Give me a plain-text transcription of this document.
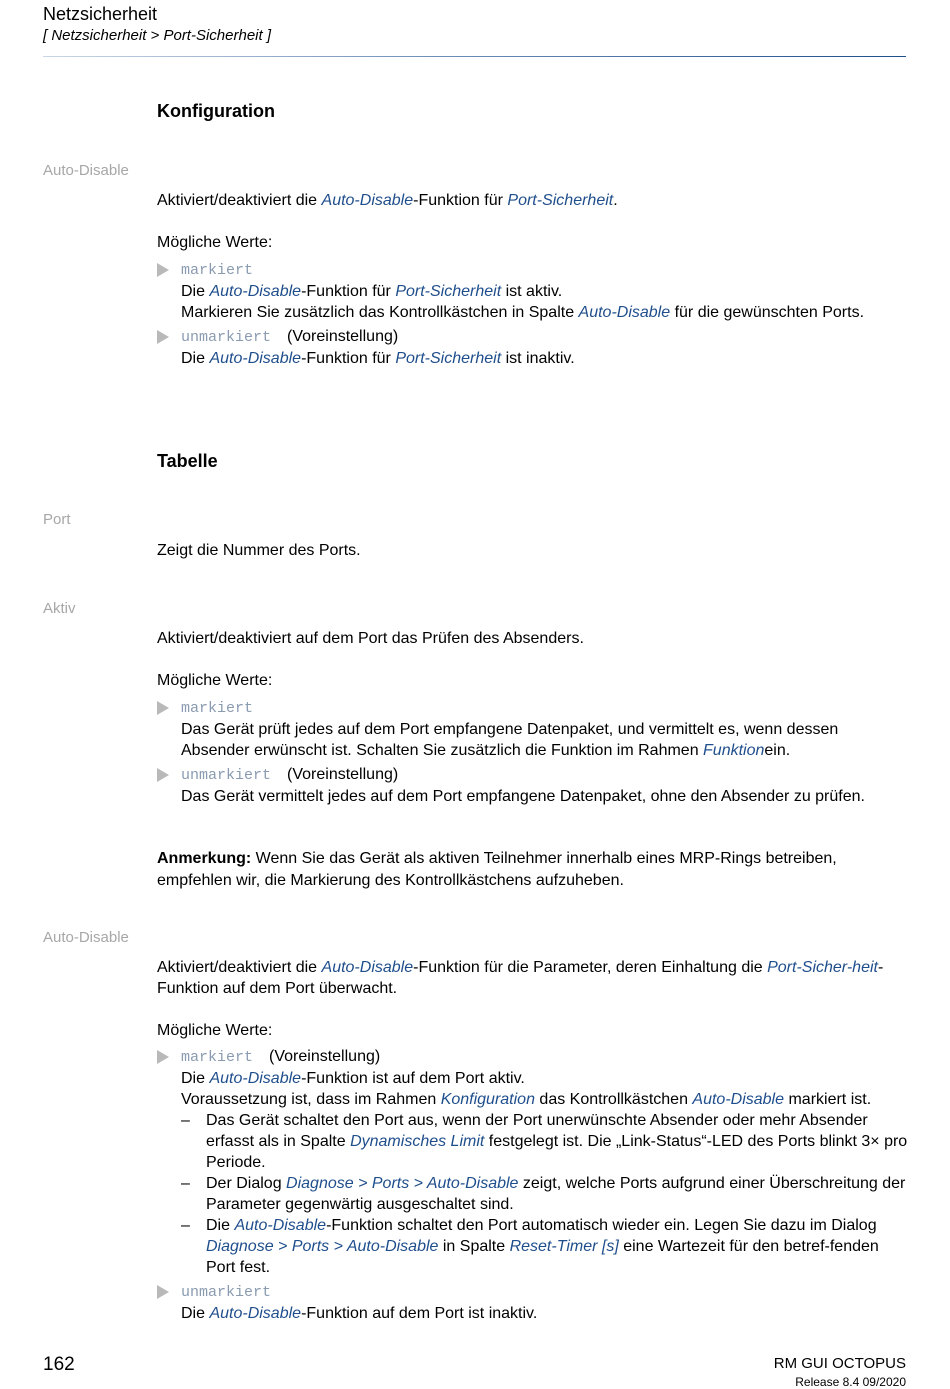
Netzsicherheit
[ Netzsicherheit > Port-Sicherheit ]
Konfiguration
Auto-Disable
Aktiviert/deaktiviert die Auto-Disable-Funktion für Port-Sicherheit.
Mögliche Werte:
markiert
Die Auto-Disable-Funktion für Port-Sicherheit ist aktiv.
Markieren Sie zusätzlich das Kontrollkästchen in Spalte Auto-Disable für die gewünschten Ports.
unmarkiert (Voreinstellung)
Die Auto-Disable-Funktion für Port-Sicherheit ist inaktiv.
Tabelle
Port
Zeigt die Nummer des Ports.
Aktiv
Aktiviert/deaktiviert auf dem Port das Prüfen des Absenders.
Mögliche Werte:
markiert
Das Gerät prüft jedes auf dem Port empfangene Datenpaket, und vermittelt es, wenn dessen Absender erwünscht ist. Schalten Sie zusätzlich die Funktion im Rahmen Funktionein.
unmarkiert (Voreinstellung)
Das Gerät vermittelt jedes auf dem Port empfangene Datenpaket, ohne den Absender zu prüfen.
Anmerkung: Wenn Sie das Gerät als aktiven Teilnehmer innerhalb eines MRP-Rings betreiben, empfehlen wir, die Markierung des Kontrollkästchens aufzuheben.
Auto-Disable
Aktiviert/deaktiviert die Auto-Disable-Funktion für die Parameter, deren Einhaltung die Port-Sicher-heit-Funktion auf dem Port überwacht.
Mögliche Werte:
markiert (Voreinstellung)
Die Auto-Disable-Funktion ist auf dem Port aktiv.
Voraussetzung ist, dass im Rahmen Konfiguration das Kontrollkästchen Auto-Disable markiert ist.
– Das Gerät schaltet den Port aus, wenn der Port unerwünschte Absender oder mehr Absender erfasst als in Spalte Dynamisches Limit festgelegt ist. Die „Link-Status“-LED des Ports blinkt 3× pro Periode.
– Der Dialog Diagnose > Ports > Auto-Disable zeigt, welche Ports aufgrund einer Überschreitung der Parameter gegenwärtig ausgeschaltet sind.
– Die Auto-Disable-Funktion schaltet den Port automatisch wieder ein. Legen Sie dazu im Dialog Diagnose > Ports > Auto-Disable in Spalte Reset-Timer [s] eine Wartezeit für den betref-fenden Port fest.
unmarkiert
Die Auto-Disable-Funktion auf dem Port ist inaktiv.
162	RM GUI OCTOPUS
Release 8.4 09/2020
